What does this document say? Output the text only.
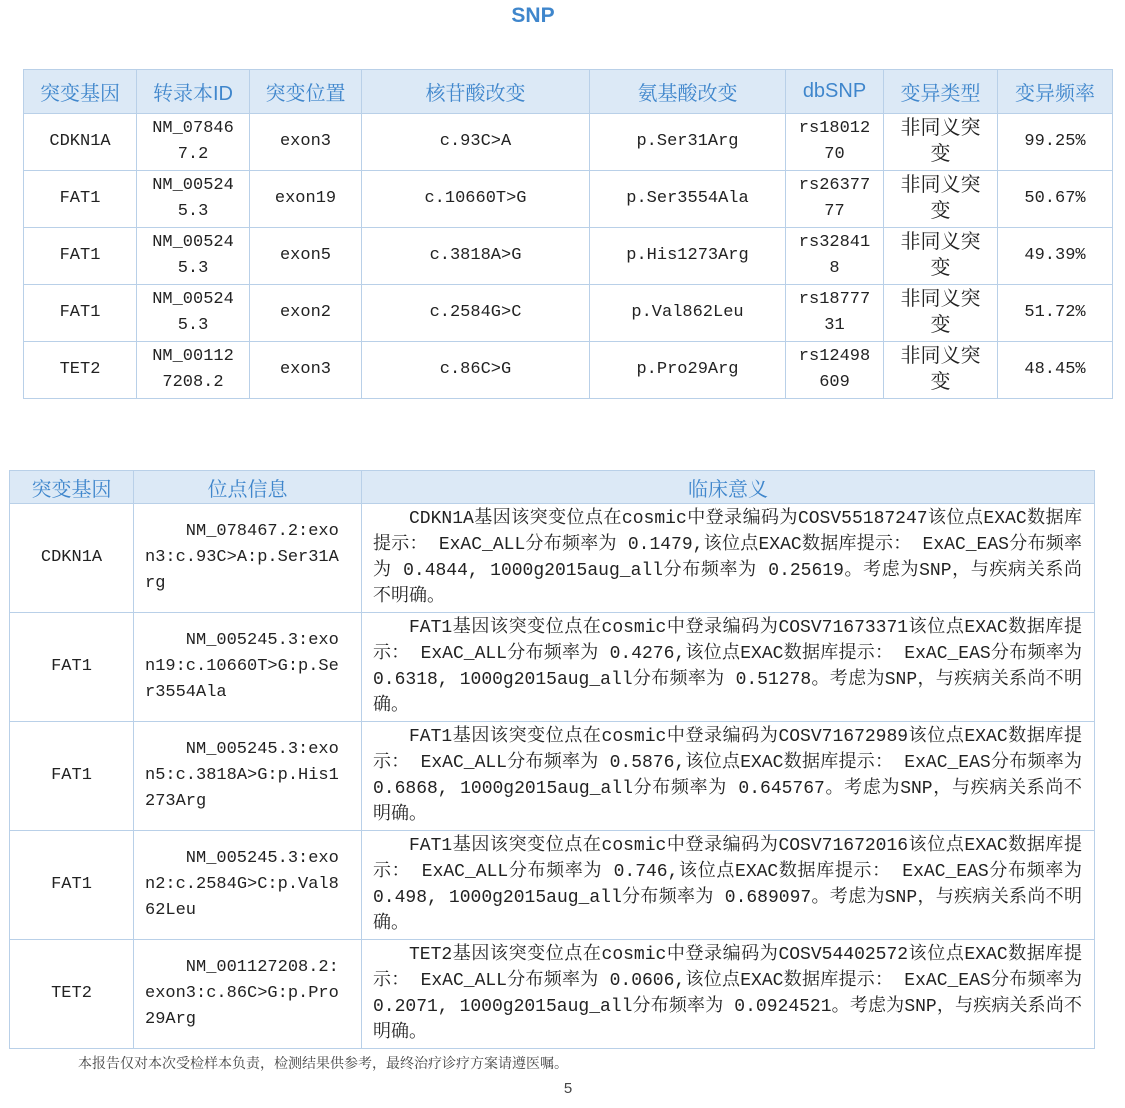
SNP
突变基因	转录本ID	突变位置	核苷酸改变	氨基酸改变	dbSNP	变异类型	变异频率
CDKN1A	NM_078467.2	exon3	c.93C>A	p.Ser31Arg	rs1801270	非同义突变	99.25%
FAT1	NM_005245.3	exon19	c.10660T>G	p.Ser3554Ala	rs2637777	非同义突变	50.67%
FAT1	NM_005245.3	exon5	c.3818A>G	p.His1273Arg	rs328418	非同义突变	49.39%
FAT1	NM_005245.3	exon2	c.2584G>C	p.Val862Leu	rs1877731	非同义突变	51.72%
TET2	NM_001127208.2	exon3	c.86C>G	p.Pro29Arg	rs12498609	非同义突变	48.45%
突变基因	位点信息	临床意义
CDKN1A	NM_078467.2:exon3:c.93C>A:p.Ser31Arg	CDKN1A基因该突变位点在cosmic中登录编码为COSV55187247该位点EXAC数据库提示： ExAC_ALL分布频率为 0.1479,该位点EXAC数据库提示： ExAC_EAS分布频率为 0.4844, 1000g2015aug_all分布频率为 0.25619。考虑为SNP，与疾病关系尚不明确。

FAT1	NM_005245.3:exon19:c.10660T>G:p.Ser3554Ala	FAT1基因该突变位点在cosmic中登录编码为COSV71673371该位点EXAC数据库提示： ExAC_ALL分布频率为 0.4276,该位点EXAC数据库提示： ExAC_EAS分布频率为 0.6318, 1000g2015aug_all分布频率为 0.51278。考虑为SNP，与疾病关系尚不明确。

FAT1	NM_005245.3:exon5:c.3818A>G:p.His1273Arg	FAT1基因该突变位点在cosmic中登录编码为COSV71672989该位点EXAC数据库提示： ExAC_ALL分布频率为 0.5876,该位点EXAC数据库提示： ExAC_EAS分布频率为 0.6868, 1000g2015aug_all分布频率为 0.645767。考虑为SNP，与疾病关系尚不明确。

FAT1	NM_005245.3:exon2:c.2584G>C:p.Val862Leu	FAT1基因该突变位点在cosmic中登录编码为COSV71672016该位点EXAC数据库提示： ExAC_ALL分布频率为 0.746,该位点EXAC数据库提示： ExAC_EAS分布频率为 0.498, 1000g2015aug_all分布频率为 0.689097。考虑为SNP，与疾病关系尚不明确。

TET2	NM_001127208.2:exon3:c.86C>G:p.Pro29Arg	TET2基因该突变位点在cosmic中登录编码为COSV54402572该位点EXAC数据库提示： ExAC_ALL分布频率为 0.0606,该位点EXAC数据库提示： ExAC_EAS分布频率为 0.2071, 1000g2015aug_all分布频率为 0.0924521。考虑为SNP，与疾病关系尚不明确。
本报告仅对本次受检样本负责，检测结果供参考，最终治疗诊疗方案请遵医嘱。
5
